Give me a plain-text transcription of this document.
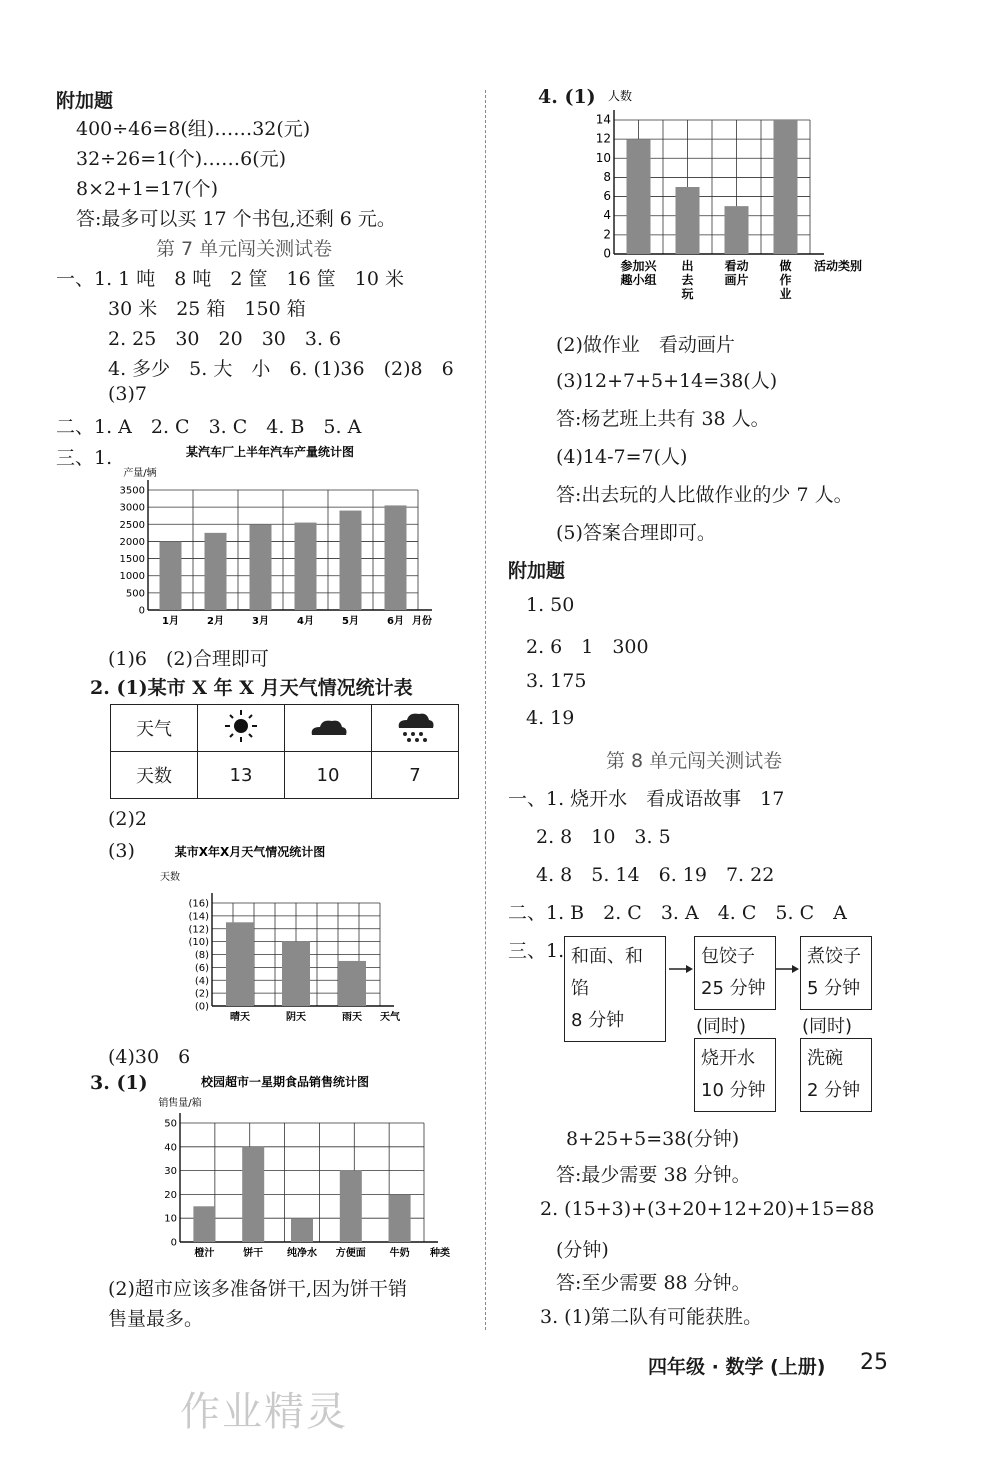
附加题
400÷46=8(组)……32(元)
32÷26=1(个)……6(元)
8×2+1=17(个)
答:最多可以买 17 个书包,还剩 6 元。
第 7 单元闯关测试卷
一、1. 1 吨　8 吨　2 筐　16 筐　10 米
30 米　25 箱　150 箱
2. 25　30　20　30　3. 6
4. 多少　5. 大　小　6. (1)36　(2)8　6
(3)7
二、1. A　2. C　3. C　4. B　5. A
三、1.	某汽车厂上半年汽车产量统计图
产量/辆
0
500
1000
1500
2000
2500
3000
3500
1月	2月	3月	4月	5月	6月 月份
(1)6　(2)合理即可
2. (1)某市 X 年 X 月天气情况统计表
天气			
天数	13	10	7
(2)2
(3)	某市X年X月天气情况统计图
天数
(0)
(2)
(4)
(6)
(8)
(10)
(12)
(14)
(16)
晴天	阴天	雨天 天气
(4)30　6
3. (1)	校园超市一星期食品销售统计图
销售量/箱
0
10
20
30
40
50
橙汁	饼干 纯净水 方便面 牛奶 种类
(2)超市应该多准备饼干,因为饼干销
售量最多。
4. (1) 人数
0
2
4
6
8
10
12
14
参加兴
趣小组
出
去
玩
看动
画片
做
作
业
活动类别
(2)做作业　看动画片
(3)12+7+5+14=38(人)
答:杨艺班上共有 38 人。
(4)14-7=7(人)
答:出去玩的人比做作业的少 7 人。
(5)答案合理即可。
附加题
1. 50
2. 6　1　300
3. 175
4. 19
第 8 单元闯关测试卷
一、1. 烧开水　看成语故事　17
2. 8　10　3. 5
4. 8　5. 14　6. 19　7. 22
二、1. B　2. C　3. A　4. C　5. C　A
三、1. 和面、和馅
8 分钟
包饺子
25 分钟
煮饺子
5 分钟
(同时)	(同时)
烧开水
10 分钟
洗碗
2 分钟
8+25+5=38(分钟)
答:最少需要 38 分钟。
2. (15+3)+(3+20+12+20)+15=88
(分钟)
答:至少需要 88 分钟。
3. (1)第二队有可能获胜。
四年级 · 数学 (上册) 25
作业精灵
